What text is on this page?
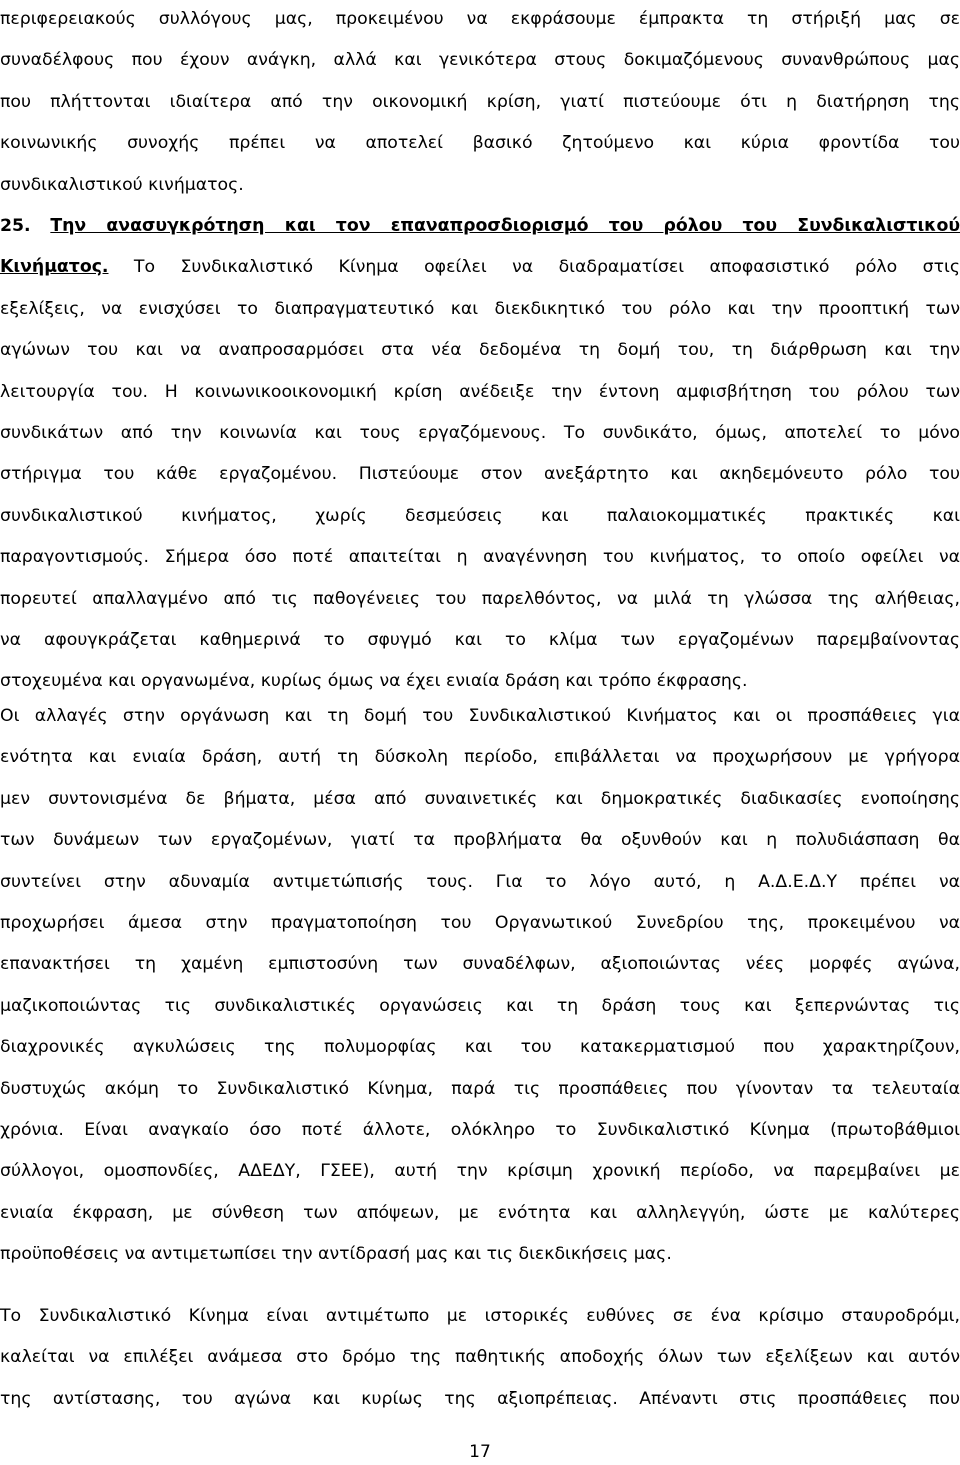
περιφερειακούς συλλόγους μας, προκειμένου να εκφράσουμε έμπρακτα τη στήριξή μας σε
συναδέλφους που έχουν ανάγκη, αλλά και γενικότερα στους δοκιμαζόμενους συνανθρώπους μας
που πλήττονται ιδιαίτερα από την οικονομική κρίση, γιατί πιστεύουμε ότι η διατήρηση της
κοινωνικής συνοχής πρέπει να αποτελεί βασικό ζητούμενο και κύρια φροντίδα του
συνδικαλιστικού κινήματος.
25. Την ανασυγκρότηση και τον επαναπροσδιορισμό του ρόλου του Συνδικαλιστικού
Κινήματος. Το Συνδικαλιστικό Κίνημα οφείλει να διαδραματίσει αποφασιστικό ρόλο στις
εξελίξεις, να ενισχύσει το διαπραγματευτικό και διεκδικητικό του ρόλο και την προοπτική των
αγώνων του και να αναπροσαρμόσει στα νέα δεδομένα τη δομή του, τη διάρθρωση και την
λειτουργία του. Η κοινωνικοοικονομική κρίση ανέδειξε την έντονη αμφισβήτηση του ρόλου των
συνδικάτων από την κοινωνία και τους εργαζόμενους. Το συνδικάτο, όμως, αποτελεί το μόνο
στήριγμα του κάθε εργαζομένου. Πιστεύουμε στον ανεξάρτητο και ακηδεμόνευτο ρόλο του
συνδικαλιστικού κινήματος, χωρίς δεσμεύσεις και παλαιοκομματικές πρακτικές και
παραγοντισμούς. Σήμερα όσο ποτέ απαιτείται η αναγέννηση του κινήματος, το οποίο οφείλει να
πορευτεί απαλλαγμένο από τις παθογένειες του παρελθόντος, να μιλά τη γλώσσα της αλήθειας,
να αφουγκράζεται καθημερινά το σφυγμό και το κλίμα των εργαζομένων παρεμβαίνοντας
στοχευμένα και οργανωμένα, κυρίως όμως να έχει ενιαία δράση και τρόπο έκφρασης.
Οι αλλαγές στην οργάνωση και τη δομή του Συνδικαλιστικού Κινήματος και οι προσπάθειες για
ενότητα και ενιαία δράση, αυτή τη δύσκολη περίοδο, επιβάλλεται να προχωρήσουν με γρήγορα
μεν συντονισμένα δε βήματα, μέσα από συναινετικές και δημοκρατικές διαδικασίες ενοποίησης
των δυνάμεων των εργαζομένων, γιατί τα προβλήματα θα οξυνθούν και η πολυδιάσπαση θα
συντείνει στην αδυναμία αντιμετώπισής τους. Για το λόγο αυτό, η Α.Δ.Ε.Δ.Υ πρέπει να
προχωρήσει άμεσα στην πραγματοποίηση του Οργανωτικού Συνεδρίου της, προκειμένου να
επανακτήσει τη χαμένη εμπιστοσύνη των συναδέλφων, αξιοποιώντας νέες μορφές αγώνα,
μαζικοποιώντας τις συνδικαλιστικές οργανώσεις και τη δράση τους και ξεπερνώντας τις
διαχρονικές αγκυλώσεις της πολυμορφίας και του κατακερματισμού που χαρακτηρίζουν,
δυστυχώς ακόμη το Συνδικαλιστικό Κίνημα, παρά τις προσπάθειες που γίνονταν τα τελευταία
χρόνια. Είναι αναγκαίο όσο ποτέ άλλοτε, ολόκληρο το Συνδικαλιστικό Κίνημα (πρωτοβάθμιοι
σύλλογοι, ομοσπονδίες, ΑΔΕΔΥ, ΓΣΕΕ), αυτή την κρίσιμη χρονική περίοδο, να παρεμβαίνει με
ενιαία έκφραση, με σύνθεση των απόψεων, με ενότητα και αλληλεγγύη, ώστε με καλύτερες
προϋποθέσεις να αντιμετωπίσει την αντίδρασή μας και τις διεκδικήσεις μας.
Το Συνδικαλιστικό Κίνημα είναι αντιμέτωπο με ιστορικές ευθύνες σε ένα κρίσιμο σταυροδρόμι,
καλείται να επιλέξει ανάμεσα στο δρόμο της παθητικής αποδοχής όλων των εξελίξεων και αυτόν
της αντίστασης, του αγώνα και κυρίως της αξιοπρέπειας. Απέναντι στις προσπάθειες που
17
